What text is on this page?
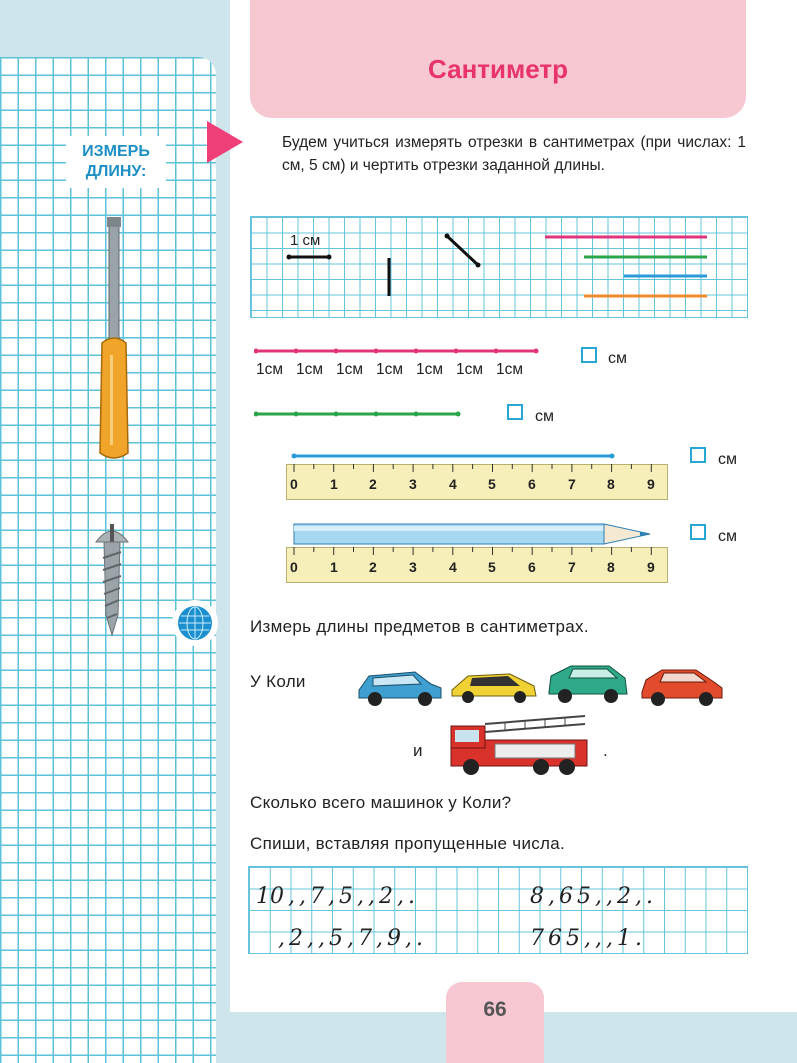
ИЗМЕРЬ
ДЛИНУ:
Сантиметр
Будем учиться измерять отрезки в сантиметрах (при числах: 1 см, 5 см) и чертить отрезки заданной длины.
1 см
1см 1см 1см 1см 1см 1см 1см
см
см
0 1 2 3 4 5 6 7 8 9
см
0 1 2 3 4 5 6 7 8 9
см
Измерь длины предметов в сантиметрах.
У Коли
и	.
Сколько всего машинок у Коли?
Спиши, вставляя пропущенные числа.
10 , , 7 , 5 , , 2 , .	8 , 6 5 , , 2 , .
, 2 , , 5 , 7 , 9 , .	7 6 5 , , , 1 .
66
